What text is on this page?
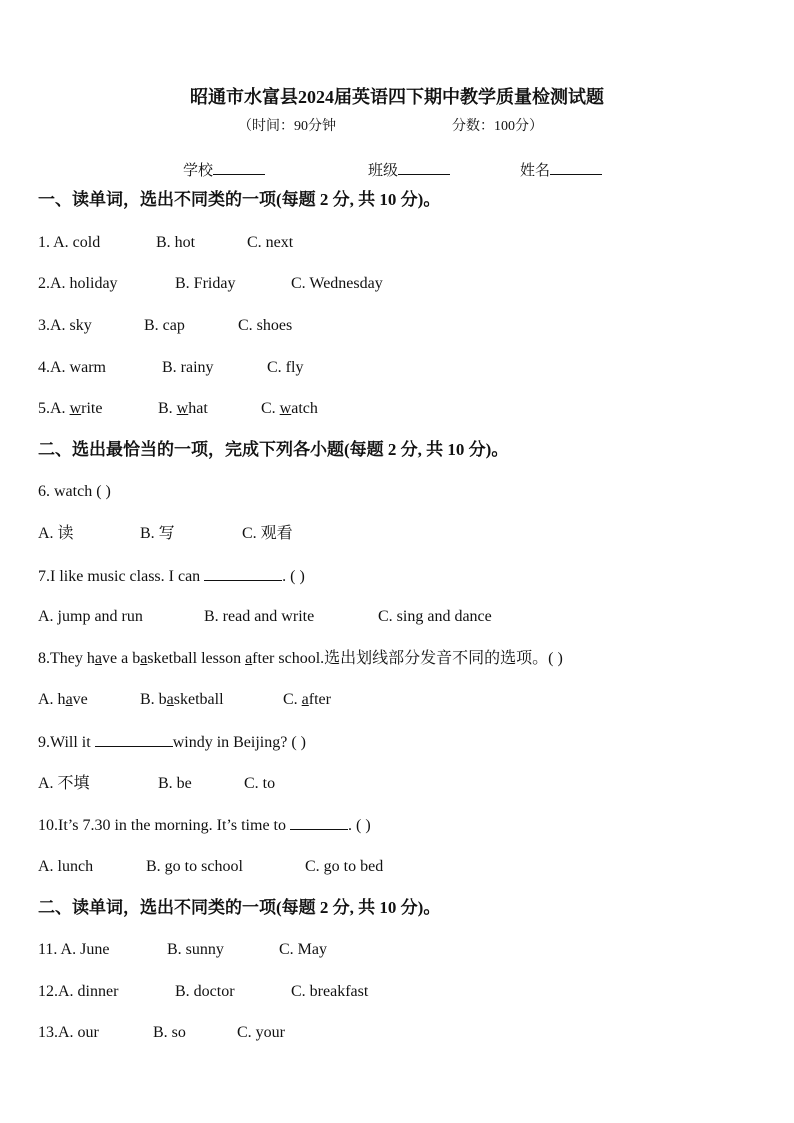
昭通市水富县2024届英语四下期中教学质量检测试题
（时间：90分钟	分数：100分）
学校	班级	姓名
一、读单词，选出不同类的一项(每题 2 分, 共 10 分)。
1. A. cold	B. hot	C. next
2.A. holiday	B. Friday	C. Wednesday
3.A. sky	B. cap	C. shoes
4.A. warm	B. rainy	C. fly
5.A. write	B. what	C. watch
二、选出最恰当的一项，完成下列各小题(每题 2 分, 共 10 分)。
6. watch ( )
A. 读	B. 写	C. 观看
7.I like music class. I can	. ( )
A. jump and run	B. read and write	C. sing and dance
8.They have a basketball lesson after school.选出划线部分发音不同的选项。( )
A. have	B. basketball	C. after
9.Will it	windy in Beijing? ( )
A. 不填	B. be	C. to
10.It’s 7.30 in the morning. It’s time to	. ( )
A. lunch	B. go to school	C. go to bed
二、读单词，选出不同类的一项(每题 2 分, 共 10 分)。
11. A. June	B. sunny	C. May
12.A. dinner	B. doctor	C. breakfast
13.A. our	B. so	C. your
